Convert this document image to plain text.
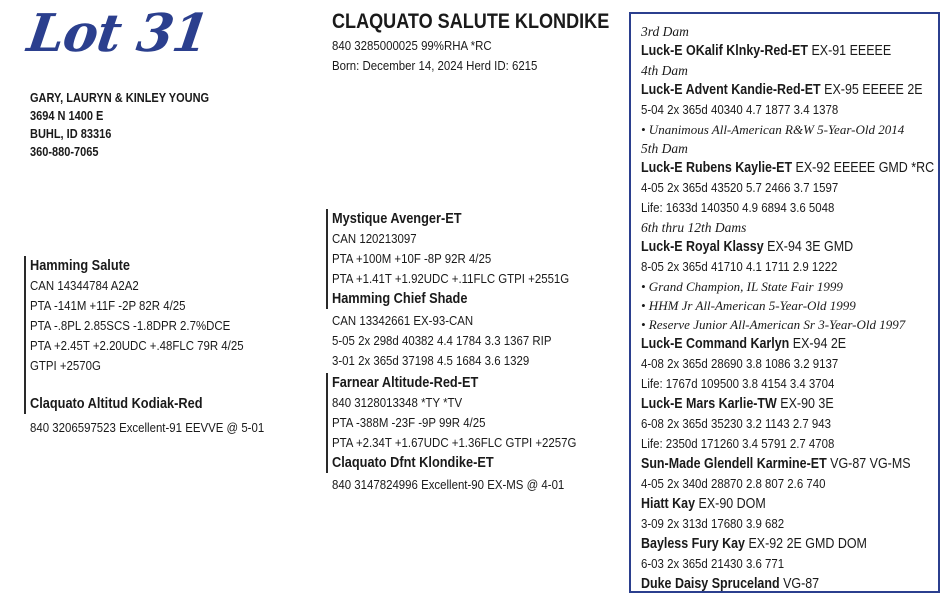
Lot 31
GARY, LAURYN & KINLEY YOUNG
3694 N 1400 E
BUHL, ID 83316
360-880-7065
CLAQUATO SALUTE KLONDIKE
840 3285000025 99%RHA *RC
Born: December 14, 2024 Herd ID: 6215
Hamming Salute
CAN 14344784 A2A2
PTA -141M +11F -2P 82R 4/25
PTA -.8PL 2.85SCS -1.8DPR 2.7%DCE
PTA +2.45T +2.20UDC +.48FLC 79R 4/25
GTPI +2570G
Claquato Altitud Kodiak-Red
840 3206597523 Excellent-91 EEVVE @ 5-01
Mystique Avenger-ET
CAN 120213097
PTA +100M +10F -8P 92R 4/25
PTA +1.41T +1.92UDC +.11FLC GTPI +2551G
Hamming Chief Shade
CAN 13342661 EX-93-CAN
5-05 2x 298d 40382 4.4 1784 3.3 1367 RIP
3-01 2x 365d 37198 4.5 1684 3.6 1329
Farnear Altitude-Red-ET
840 3128013348 *TY *TV
PTA -388M -23F -9P 99R 4/25
PTA +2.34T +1.67UDC +1.36FLC GTPI +2257G
Claquato Dfnt Klondike-ET
840 3147824996 Excellent-90 EX-MS @ 4-01
3rd Dam
Luck-E OKalif Klnky-Red-ET EX-91 EEEEE
4th Dam
Luck-E Advent Kandie-Red-ET EX-95 EEEEE 2E
5-04 2x 365d 40340 4.7 1877 3.4 1378
• Unanimous All-American R&W 5-Year-Old 2014
5th Dam
Luck-E Rubens Kaylie-ET EX-92 EEEEE GMD *RC
4-05 2x 365d 43520 5.7 2466 3.7 1597
Life: 1633d 140350 4.9 6894 3.6 5048
6th thru 12th Dams
Luck-E Royal Klassy EX-94 3E GMD
8-05 2x 365d 41710 4.1 1711 2.9 1222
• Grand Champion, IL State Fair 1999
• HHM Jr All-American 5-Year-Old 1999
• Reserve Junior All-American Sr 3-Year-Old 1997
Luck-E Command Karlyn EX-94 2E
4-08 2x 365d 28690 3.8 1086 3.2 9137
Life: 1767d 109500 3.8 4154 3.4 3704
Luck-E Mars Karlie-TW EX-90 3E
6-08 2x 365d 35230 3.2 1143 2.7 943
Life: 2350d 171260 3.4 5791 2.7 4708
Sun-Made Glendell Karmine-ET VG-87 VG-MS
4-05 2x 340d 28870 2.8 807 2.6 740
Hiatt Kay EX-90 DOM
3-09 2x 313d 17680 3.9 682
Bayless Fury Kay EX-92 2E GMD DOM
6-03 2x 365d 21430 3.6 771
Duke Daisy Spruceland VG-87
